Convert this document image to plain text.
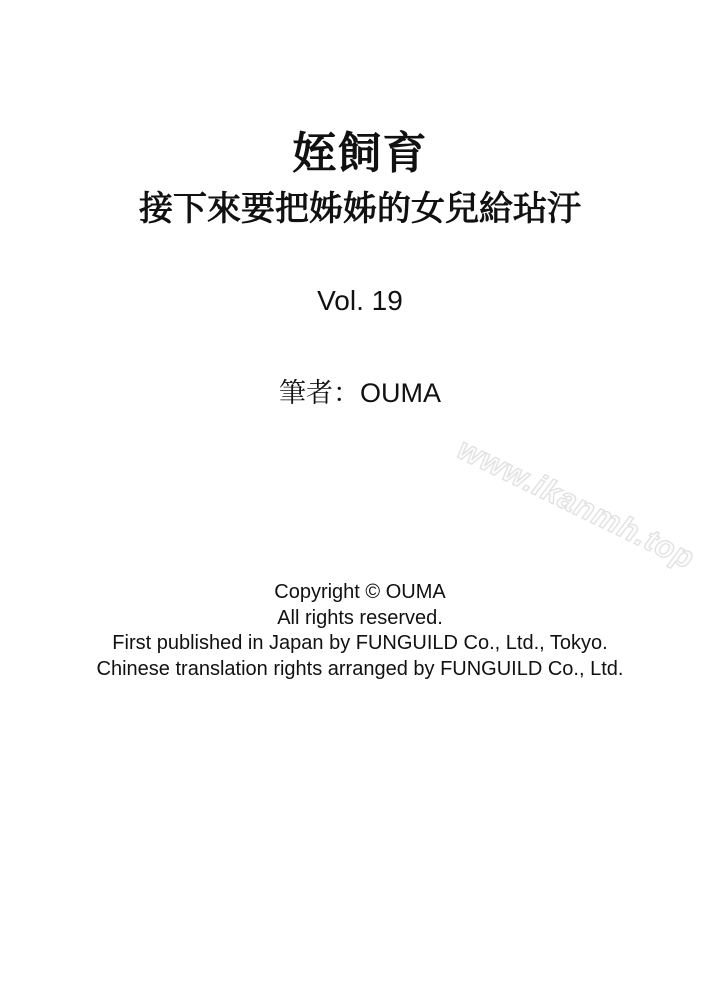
姪飼育
接下來要把姊姊的女兒給玷汙
Vol. 19
筆者：OUMA
www.ikanmh.top

Copyright © OUMA

All rights reserved.

First published in Japan by FUNGUILD Co., Ltd., Tokyo.

Chinese translation rights arranged by FUNGUILD Co., Ltd.
